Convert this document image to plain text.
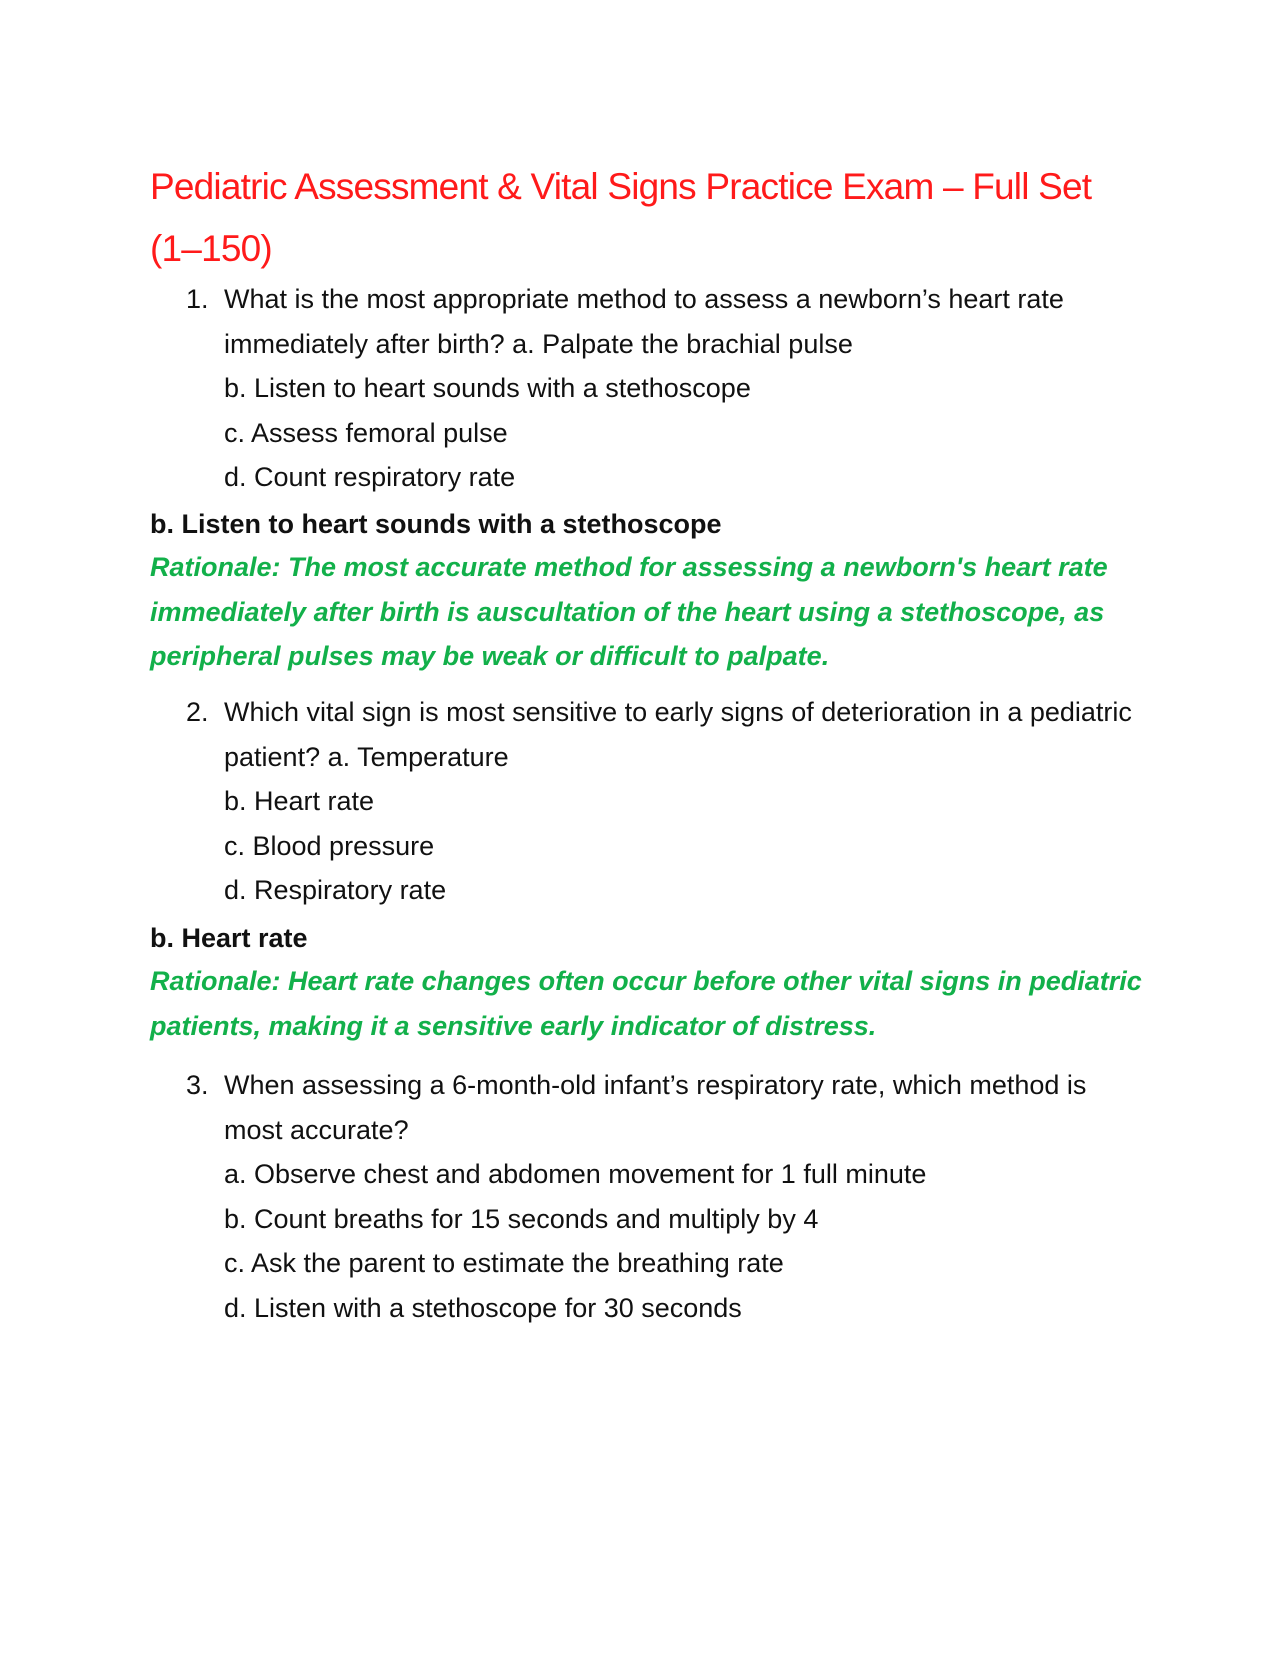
Pediatric Assessment & Vital Signs Practice Exam – Full Set (1–150)
1. What is the most appropriate method to assess a newborn’s heart rate immediately after birth? a. Palpate the brachial pulse
b. Listen to heart sounds with a stethoscope
c. Assess femoral pulse
d. Count respiratory rate
b. Listen to heart sounds with a stethoscope
Rationale: The most accurate method for assessing a newborn's heart rate immediately after birth is auscultation of the heart using a stethoscope, as peripheral pulses may be weak or difficult to palpate.
2. Which vital sign is most sensitive to early signs of deterioration in a pediatric patient? a. Temperature
b. Heart rate
c. Blood pressure
d. Respiratory rate
b. Heart rate
Rationale: Heart rate changes often occur before other vital signs in pediatric patients, making it a sensitive early indicator of distress.
3. When assessing a 6-month-old infant’s respiratory rate, which method is most accurate?
a. Observe chest and abdomen movement for 1 full minute
b. Count breaths for 15 seconds and multiply by 4
c. Ask the parent to estimate the breathing rate
d. Listen with a stethoscope for 30 seconds
